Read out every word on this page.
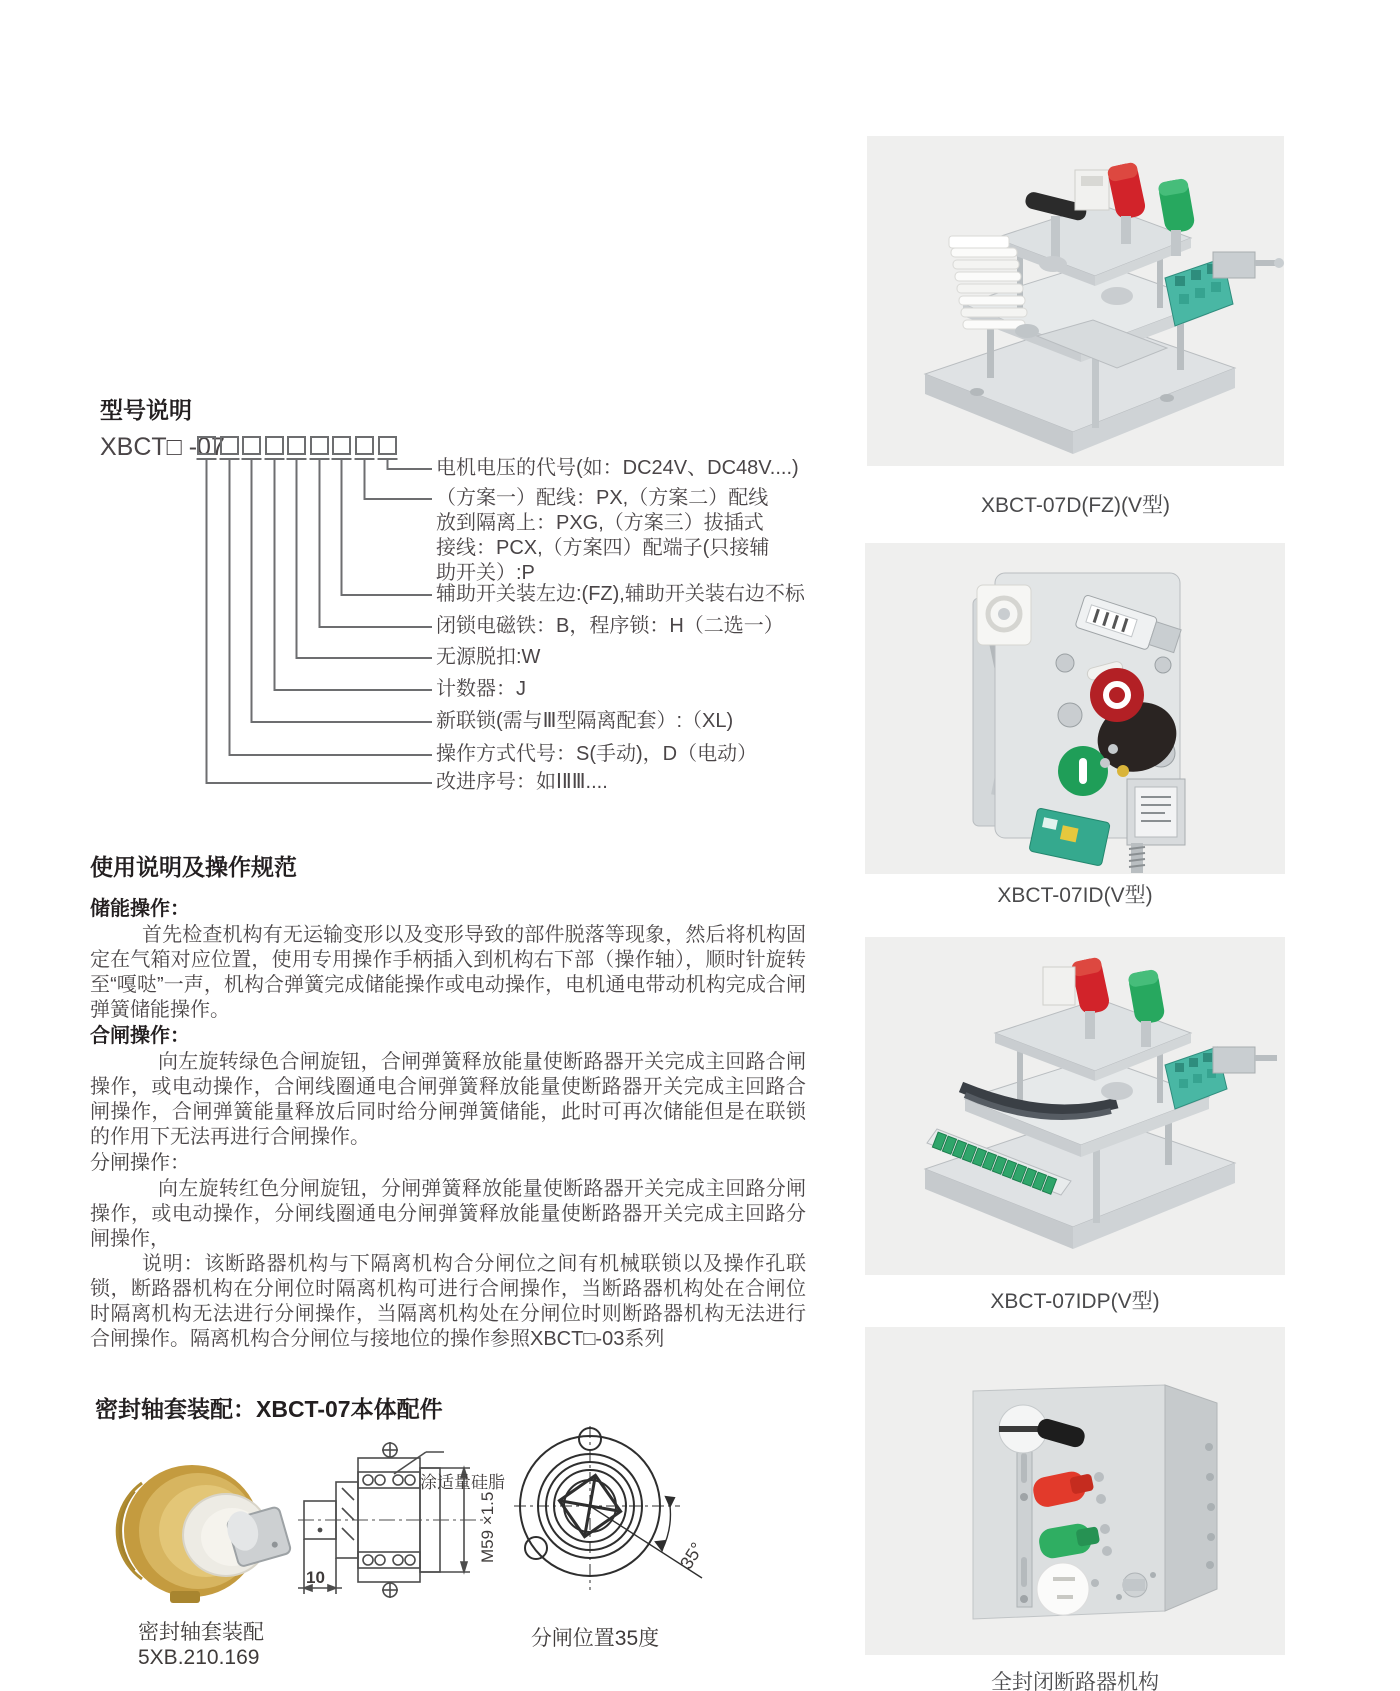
型号说明
XBCT□ -07
电机电压的代号(如：DC24V、DC48V....)
（方案一）配线：PX,（方案二）配线放到隔离上：PXG,（方案三）拔插式接线：PCX,（方案四）配端子(只接辅助开关）:P
辅助开关装左边:(FZ),辅助开关装右边不标
闭锁电磁铁：B，程序锁：H（二选一）
无源脱扣:W
计数器：J
新联锁(需与Ⅲ型隔离配套）:（XL)
操作方式代号：S(手动)，D（电动）
改进序号：如ⅠⅡⅢ....
使用说明及操作规范
储能操作：

首先检查机构有无运输变形以及变形导致的部件脱落等现象，然后将机构固定在气箱对应位置，使用专用操作手柄插入到机构右下部（操作轴），顺时针旋转至“嘎哒”一声，机构合弹簧完成储能操作或电动操作，电机通电带动机构完成合闸弹簧储能操作。

合闸操作：

向左旋转绿色合闸旋钮，合闸弹簧释放能量使断路器开关完成主回路合闸操作，或电动操作，合闸线圈通电合闸弹簧释放能量使断路器开关完成主回路合闸操作，合闸弹簧能量释放后同时给分闸弹簧储能，此时可再次储能但是在联锁的作用下无法再进行合闸操作。

分闸操作：

向左旋转红色分闸旋钮，分闸弹簧释放能量使断路器开关完成主回路分闸操作，或电动操作，分闸线圈通电分闸弹簧释放能量使断路器开关完成主回路分闸操作，

说明：该断路器机构与下隔离机构合分闸位之间有机械联锁以及操作孔联锁，断路器机构在分闸位时隔离机构可进行合闸操作，当断路器机构处在合闸位时隔离机构无法进行分闸操作，当隔离机构处在分闸位时则断路器机构无法进行合闸操作。隔离机构合分闸位与接地位的操作参照XBCT□-03系列

密封轴套装配：XBCT-07本体配件
涂适量硅脂
M59 ×1.5
10
35°
密封轴套装配
5XB.210.169
分闸位置35度
XBCT-07D(FZ)(V型)
XBCT-07ID(V型)
XBCT-07IDP(V型)
全封闭断路器机构
